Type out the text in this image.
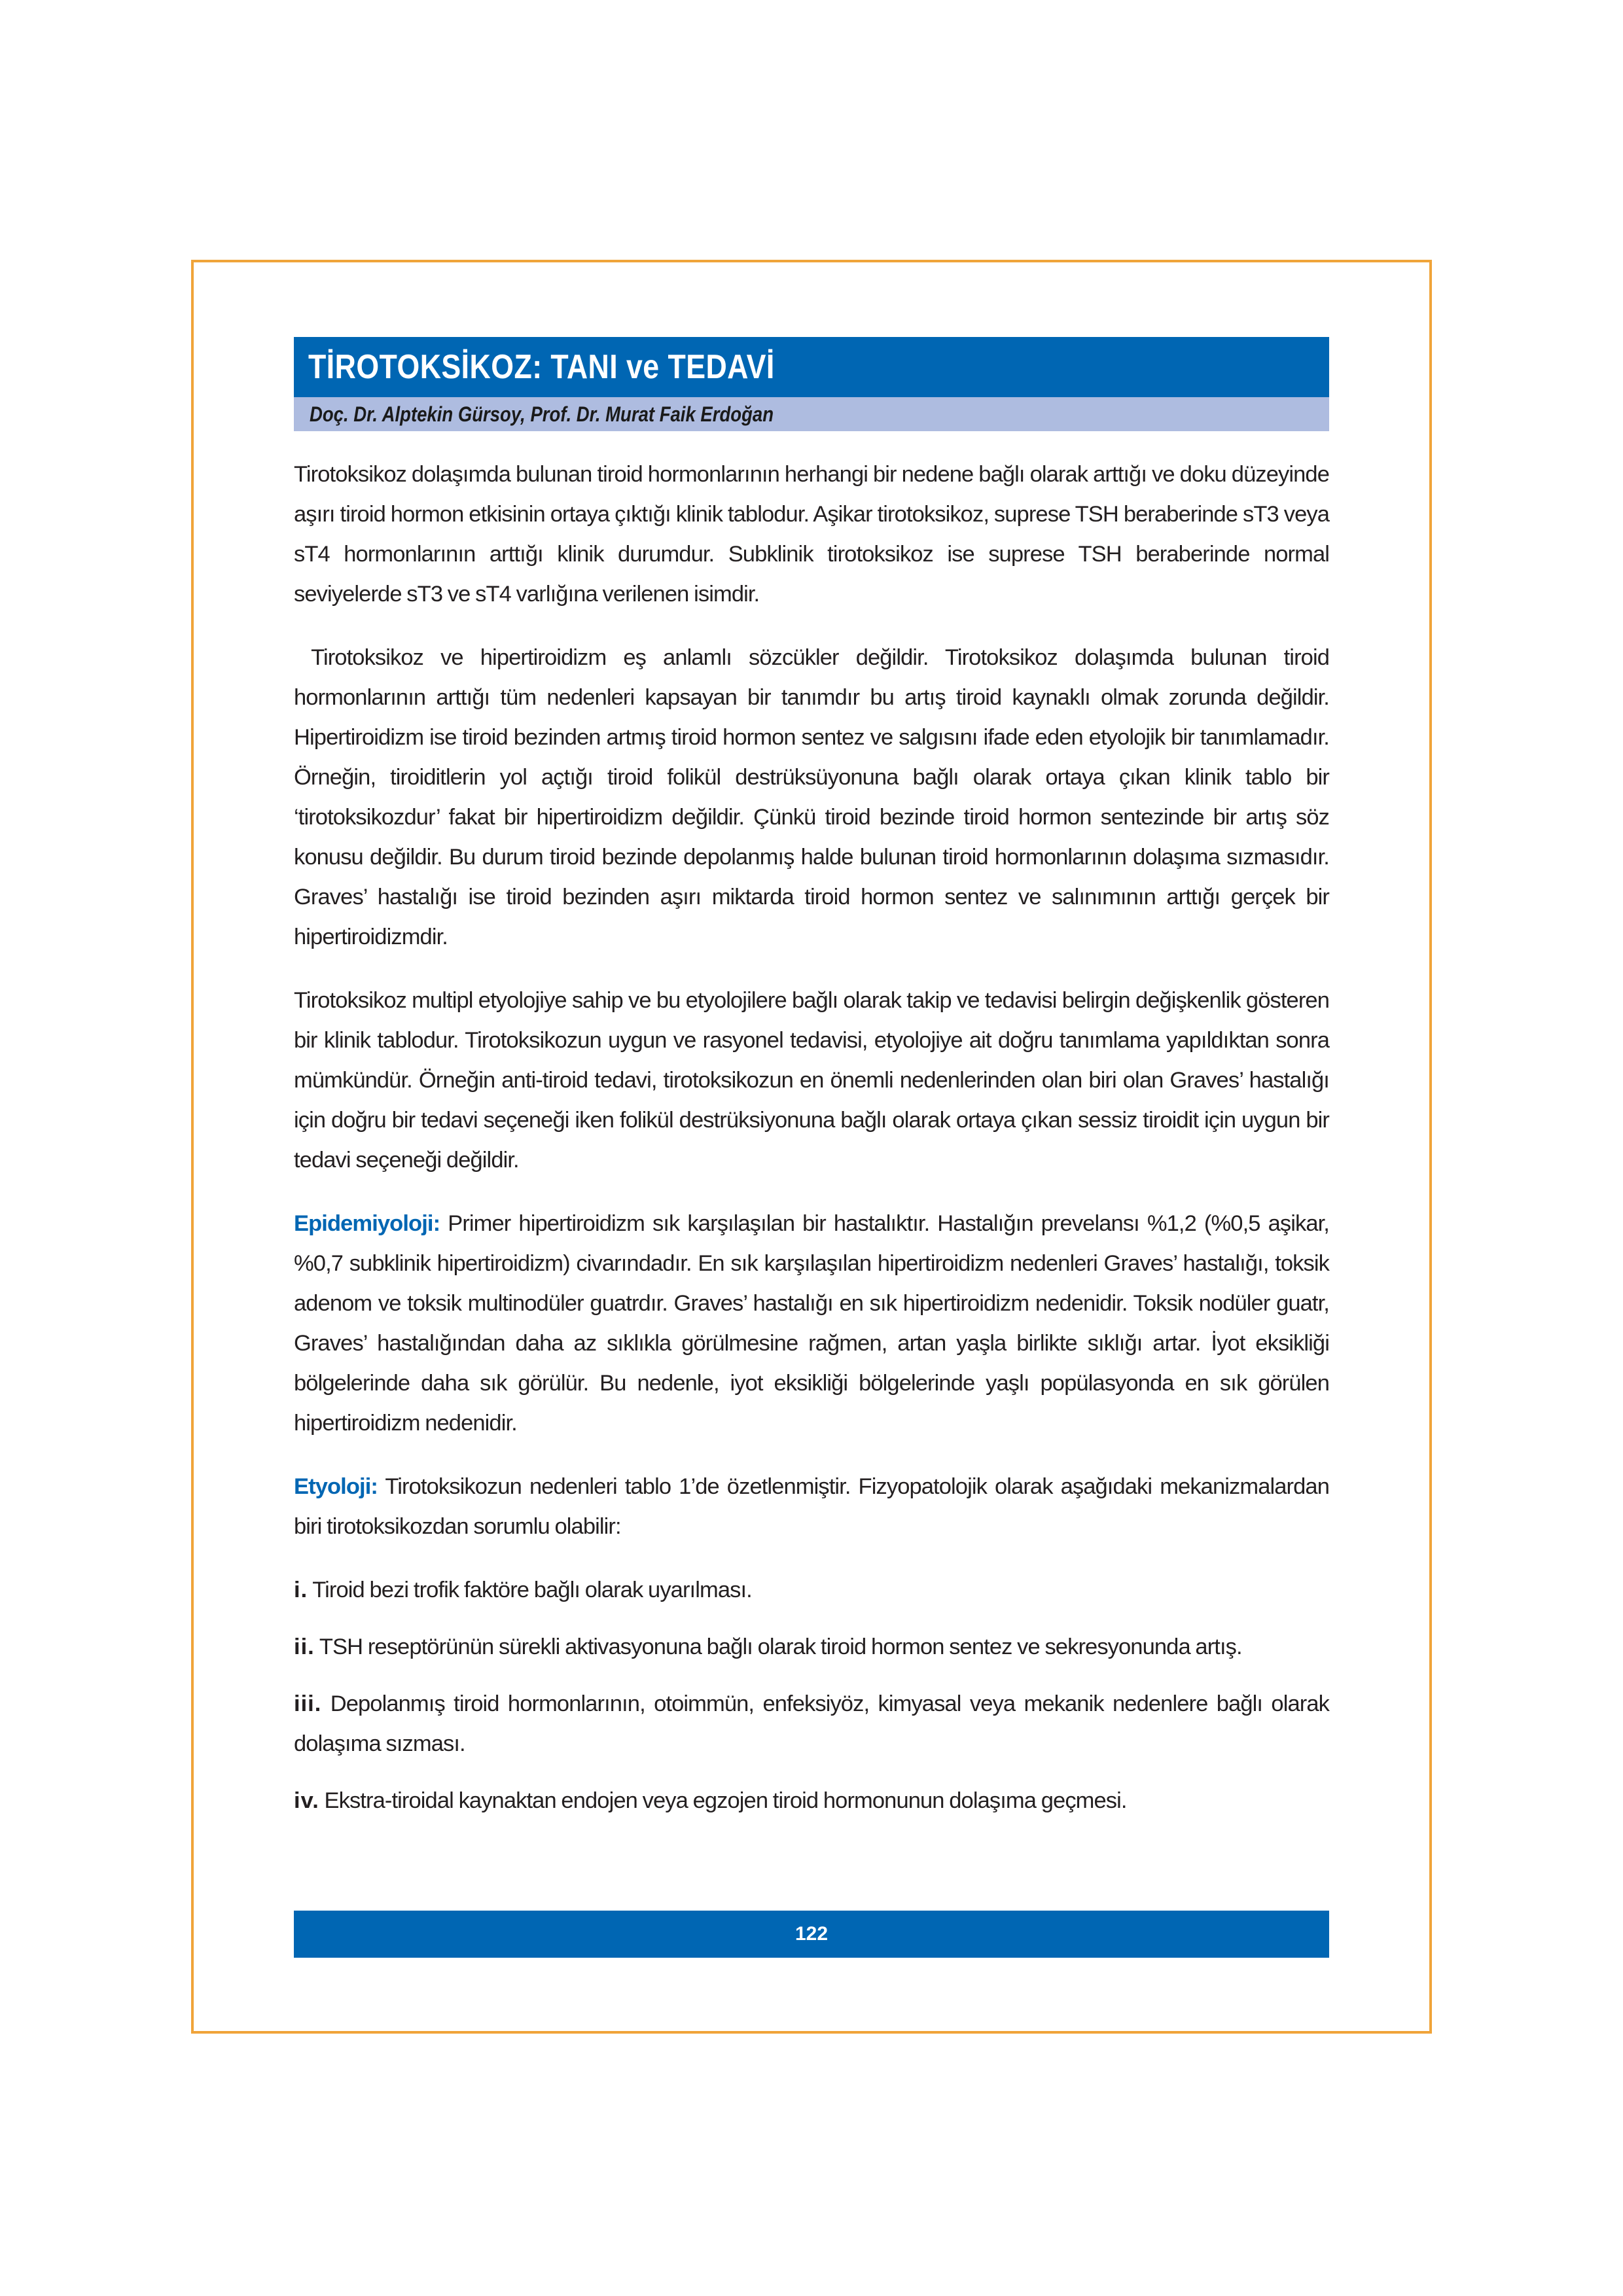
TİROTOKSİKOZ: TANI ve TEDAVİ
Doç. Dr. Alptekin Gürsoy, Prof. Dr. Murat Faik Erdoğan

Tirotoksikoz dolaşımda bulunan tiroid hormonlarının herhangi bir nedene bağlı olarak arttığı ve doku düzeyinde aşırı tiroid hormon etkisinin ortaya çıktığı klinik tablodur. Aşikar tirotoksikoz, suprese TSH beraberinde sT3 veya sT4 hormonlarının arttığı klinik durumdur. Subklinik tirotoksikoz ise suprese TSH beraberinde normal seviyelerde sT3 ve sT4 varlığına verilenen isimdir.

Tirotoksikoz ve hipertiroidizm eş anlamlı sözcükler değildir. Tirotoksikoz dolaşımda bulunan tiroid hormonlarının arttığı tüm nedenleri kapsayan bir tanımdır bu artış tiroid kaynaklı olmak zorunda değildir. Hipertiroidizm ise tiroid bezinden artmış tiroid hormon sentez ve salgısını ifade eden etyolojik bir tanımlamadır. Örneğin, tiroiditlerin yol açtığı tiroid folikül destrüksüyonuna bağlı olarak ortaya çıkan klinik tablo bir ‘tirotoksikozdur’ fakat bir hipertiroidizm değildir. Çünkü tiroid bezinde tiroid hormon sentezinde bir artış söz konusu değildir. Bu durum tiroid bezinde depolanmış halde bulunan tiroid hormonlarının dolaşıma sızmasıdır. Graves’ hastalığı ise tiroid bezinden aşırı miktarda tiroid hormon sentez ve salınımının arttığı gerçek bir hipertiroidizmdir.

Tirotoksikoz multipl etyolojiye sahip ve bu etyolojilere bağlı olarak takip ve tedavisi belirgin değişkenlik gösteren bir klinik tablodur. Tirotoksikozun uygun ve rasyonel tedavisi, etyolojiye ait doğru tanımlama yapıldıktan sonra mümkündür. Örneğin anti-tiroid tedavi, tirotoksikozun en önemli nedenlerinden olan biri olan Graves’ hastalığı için doğru bir tedavi seçeneği iken folikül destrüksiyonuna bağlı olarak ortaya çıkan sessiz tiroidit için uygun bir tedavi seçeneği değildir.

Epidemiyoloji: Primer hipertiroidizm sık karşılaşılan bir hastalıktır. Hastalığın prevelansı %1,2 (%0,5 aşikar, %0,7 subklinik hipertiroidizm) civarındadır. En sık karşılaşılan hipertiroidizm nedenleri Graves’ hastalığı, toksik adenom ve toksik multinodüler guatrdır. Graves’ hastalığı en sık hipertiroidizm nedenidir. Toksik nodüler guatr, Graves’ hastalığından daha az sıklıkla görülmesine rağmen, artan yaşla birlikte sıklığı artar. İyot eksikliği bölgelerinde daha sık görülür. Bu nedenle, iyot eksikliği bölgelerinde yaşlı popülasyonda en sık görülen hipertiroidizm nedenidir.

Etyoloji: Tirotoksikozun nedenleri tablo 1’de özetlenmiştir. Fizyopatolojik olarak aşağıdaki mekanizmalardan biri tirotoksikozdan sorumlu olabilir:

i. Tiroid bezi trofik faktöre bağlı olarak uyarılması.

ii. TSH reseptörünün sürekli aktivasyonuna bağlı olarak tiroid hormon sentez ve sekresyonunda artış.

iii. Depolanmış tiroid hormonlarının, otoimmün, enfeksiyöz, kimyasal veya mekanik nedenlere bağlı olarak dolaşıma sızması.

iv. Ekstra-tiroidal kaynaktan endojen veya egzojen tiroid hormonunun dolaşıma geçmesi.

122
